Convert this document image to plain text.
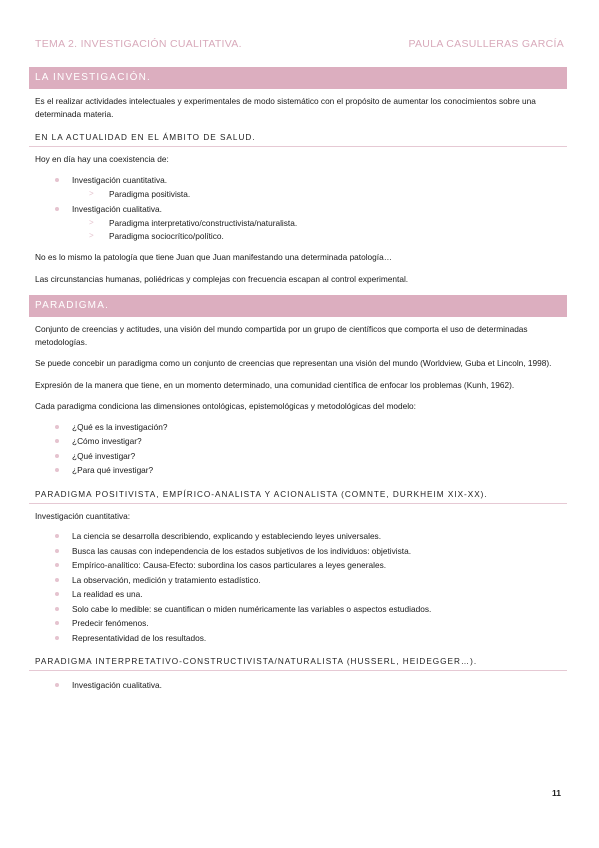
TEMA 2. INVESTIGACIÓN CUALITATIVA.	PAULA CASULLERAS GARCÍA
LA INVESTIGACIÓN.
Es el realizar actividades intelectuales y experimentales de modo sistemático con el propósito de aumentar los conocimientos sobre una determinada materia.
EN LA ACTUALIDAD EN EL ÁMBITO DE SALUD.
Hoy en día hay una coexistencia de:
Investigación cuantitativa.
> Paradigma positivista.
Investigación cualitativa.
> Paradigma interpretativo/constructivista/naturalista.
> Paradigma sociocrítico/político.
No es lo mismo la patología que tiene Juan que Juan manifestando una determinada patología…
Las circunstancias humanas, poliédricas y complejas con frecuencia escapan al control experimental.
PARADIGMA.
Conjunto de creencias y actitudes, una visión del mundo compartida por un grupo de científicos que comporta el uso de determinadas metodologías.
Se puede concebir un paradigma como un conjunto de creencias que representan una visión del mundo (Worldview, Guba et Lincoln, 1998).
Expresión de la manera que tiene, en un momento determinado, una comunidad científica de enfocar los problemas (Kunh, 1962).
Cada paradigma condiciona las dimensiones ontológicas, epistemológicas y metodológicas del modelo:
¿Qué es la investigación?
¿Cómo investigar?
¿Qué investigar?
¿Para qué investigar?
PARADIGMA POSITIVISTA, EMPÍRICO-ANALISTA Y ACIONALISTA (COMNTE, DURKHEIM XIX-XX).
Investigación cuantitativa:
La ciencia se desarrolla describiendo, explicando y estableciendo leyes universales.
Busca las causas con independencia de los estados subjetivos de los individuos: objetivista.
Empírico-analítico: Causa-Efecto: subordina los casos particulares a leyes generales.
La observación, medición y tratamiento estadístico.
La realidad es una.
Solo cabe lo medible: se cuantifican o miden numéricamente las variables o aspectos estudiados.
Predecir fenómenos.
Representatividad de los resultados.
PARADIGMA INTERPRETATIVO-CONSTRUCTIVISTA/NATURALISTA (HUSSERL, HEIDEGGER…).
Investigación cualitativa.
11
